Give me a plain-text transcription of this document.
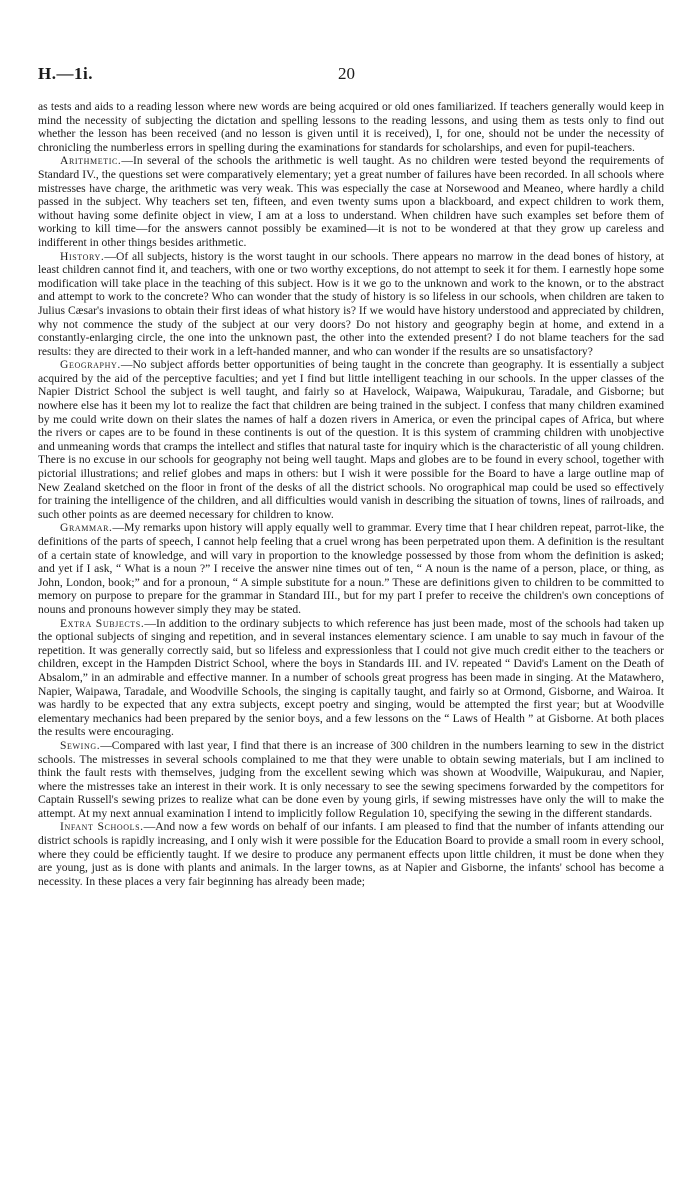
H.—1i.	20

as tests and aids to a reading lesson where new words are being acquired or old ones familiarized. If teachers generally would keep in mind the necessity of subjecting the dictation and spelling lessons to the reading lessons, and using them as tests only to find out whether the lesson has been received (and no lesson is given until it is received), I, for one, should not be under the necessity of chronicling the numberless errors in spelling during the examinations for standards for scholarships, and even for pupil-teachers.

Arithmetic.—In several of the schools the arithmetic is well taught. As no children were tested beyond the requirements of Standard IV., the questions set were comparatively elementary; yet a great number of failures have been recorded. In all schools where mistresses have charge, the arithmetic was very weak. This was especially the case at Norsewood and Meaneo, where hardly a child passed in the subject. Why teachers set ten, fifteen, and even twenty sums upon a blackboard, and expect children to work them, without having some definite object in view, I am at a loss to understand. When children have such examples set before them of working to kill time—for the answers cannot possibly be examined—it is not to be wondered at that they grow up careless and indifferent in other things besides arithmetic.

History.—Of all subjects, history is the worst taught in our schools. There appears no marrow in the dead bones of history, at least children cannot find it, and teachers, with one or two worthy exceptions, do not attempt to seek it for them. I earnestly hope some modification will take place in the teaching of this subject. How is it we go to the unknown and work to the known, or to the abstract and attempt to work to the concrete? Who can wonder that the study of history is so lifeless in our schools, when children are taken to Julius Cæsar's invasions to obtain their first ideas of what history is? If we would have history understood and appreciated by children, why not commence the study of the subject at our very doors? Do not history and geography begin at home, and extend in a constantly-enlarging circle, the one into the unknown past, the other into the extended present? I do not blame teachers for the sad results: they are directed to their work in a left-handed manner, and who can wonder if the results are so unsatisfactory?

Geography.—No subject affords better opportunities of being taught in the concrete than geography. It is essentially a subject acquired by the aid of the perceptive faculties; and yet I find but little intelligent teaching in our schools. In the upper classes of the Napier District School the subject is well taught, and fairly so at Havelock, Waipawa, Waipukurau, Taradale, and Gisborne; but nowhere else has it been my lot to realize the fact that children are being trained in the subject. I confess that many children examined by me could write down on their slates the names of half a dozen rivers in America, or even the principal capes of Africa, but where the rivers or capes are to be found in these continents is out of the question. It is this system of cramming children with unobjective and unmeaning words that cramps the intellect and stifles that natural taste for inquiry which is the characteristic of all young children. There is no excuse in our schools for geography not being well taught. Maps and globes are to be found in every school, together with pictorial illustrations; and relief globes and maps in others: but I wish it were possible for the Board to have a large outline map of New Zealand sketched on the floor in front of the desks of all the district schools. No orographical map could be used so effectively for training the intelligence of the children, and all difficulties would vanish in describing the situation of towns, lines of railroads, and such other points as are deemed necessary for children to know.

Grammar.—My remarks upon history will apply equally well to grammar. Every time that I hear children repeat, parrot-like, the definitions of the parts of speech, I cannot help feeling that a cruel wrong has been perpetrated upon them. A definition is the resultant of a certain state of knowledge, and will vary in proportion to the knowledge possessed by those from whom the definition is asked; and yet if I ask, “ What is a noun ?” I receive the answer nine times out of ten, “ A noun is the name of a person, place, or thing, as John, London, book;” and for a pronoun, “ A simple substitute for a noun.” These are definitions given to children to be committed to memory on purpose to prepare for the grammar in Standard III., but for my part I prefer to receive the children's own conceptions of nouns and pronouns however simply they may be stated.

Extra Subjects.—In addition to the ordinary subjects to which reference has just been made, most of the schools had taken up the optional subjects of singing and repetition, and in several instances elementary science. I am unable to say much in favour of the repetition. It was generally correctly said, but so lifeless and expressionless that I could not give much credit either to the teachers or children, except in the Hampden District School, where the boys in Standards III. and IV. repeated “ David's Lament on the Death of Absalom,” in an admirable and effective manner. In a number of schools great progress has been made in singing. At the Matawhero, Napier, Waipawa, Taradale, and Woodville Schools, the singing is capitally taught, and fairly so at Ormond, Gisborne, and Wairoa. It was hardly to be expected that any extra subjects, except poetry and singing, would be attempted the first year; but at Woodville elementary mechanics had been prepared by the senior boys, and a few lessons on the “ Laws of Health ” at Gisborne. At both places the results were encouraging.

Sewing.—Compared with last year, I find that there is an increase of 300 children in the numbers learning to sew in the district schools. The mistresses in several schools complained to me that they were unable to obtain sewing materials, but I am inclined to think the fault rests with themselves, judging from the excellent sewing which was shown at Woodville, Waipukurau, and Napier, where the mistresses take an interest in their work. It is only necessary to see the sewing specimens forwarded by the competitors for Captain Russell's sewing prizes to realize what can be done even by young girls, if sewing mistresses have only the will to make the attempt. At my next annual examination I intend to implicitly follow Regulation 10, specifying the sewing in the different standards.

Infant Schools.—And now a few words on behalf of our infants. I am pleased to find that the number of infants attending our district schools is rapidly increasing, and I only wish it were possible for the Education Board to provide a small room in every school, where they could be efficiently taught. If we desire to produce any permanent effects upon little children, it must be done when they are young, just as is done with plants and animals. In the larger towns, as at Napier and Gisborne, the infants' school has become a necessity. In these places a very fair beginning has already been made;
